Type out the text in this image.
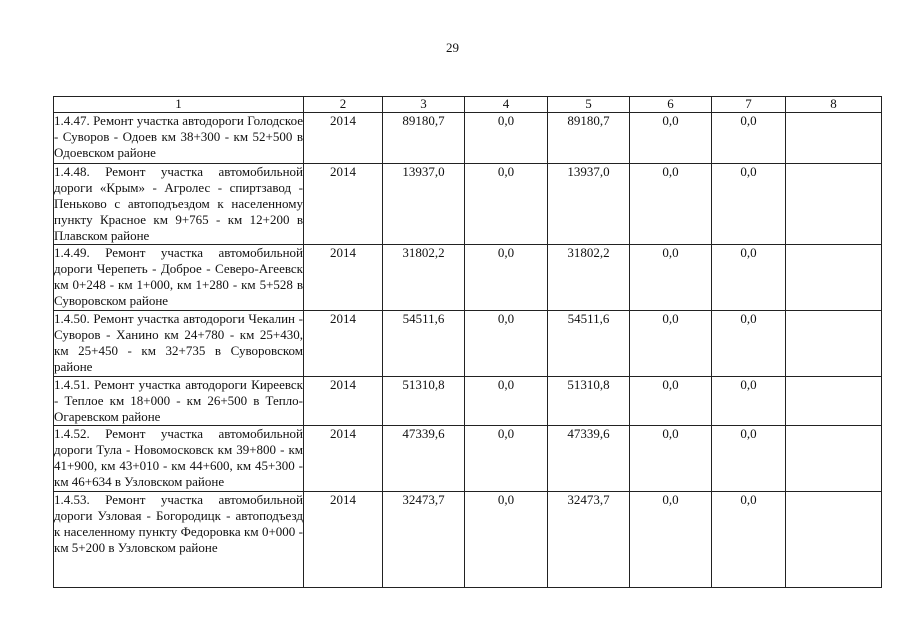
29
1	2	3	4	5	6	7	8
1.4.47. Ремонт участка автодороги Голодское - Суворов - Одоев км 38+300 - км 52+500 в Одоевском районе	2014	89180,7	0,0	89180,7	0,0	0,0	
1.4.48. Ремонт участка автомобильной дороги «Крым» - Агролес - спиртзавод - Пеньково с автоподъездом к населенному пункту Красное км 9+765 - км 12+200 в Плавском районе	2014	13937,0	0,0	13937,0	0,0	0,0	
1.4.49. Ремонт участка автомобильной дороги Черепеть - Доброе - Северо-Агеевск км 0+248 - км 1+000, км 1+280 - км 5+528 в Суворовском районе	2014	31802,2	0,0	31802,2	0,0	0,0	
1.4.50. Ремонт участка автодороги Чекалин - Суворов - Ханино км 24+780 - км 25+430, км 25+450 - км 32+735 в Суворовском районе	2014	54511,6	0,0	54511,6	0,0	0,0	
1.4.51. Ремонт участка автодороги Киреевск - Теплое км 18+000 - км 26+500 в Тепло-Огаревском районе	2014	51310,8	0,0	51310,8	0,0	0,0	
1.4.52. Ремонт участка автомобильной дороги Тула - Новомосковск км 39+800 - км 41+900, км 43+010 - км 44+600, км 45+300 - км 46+634 в Узловском районе	2014	47339,6	0,0	47339,6	0,0	0,0	
1.4.53. Ремонт участка автомобильной дороги Узловая - Богородицк - автоподъезд к населенному пункту Федоровка км 0+000 - км 5+200 в Узловском районе	2014	32473,7	0,0	32473,7	0,0	0,0	
